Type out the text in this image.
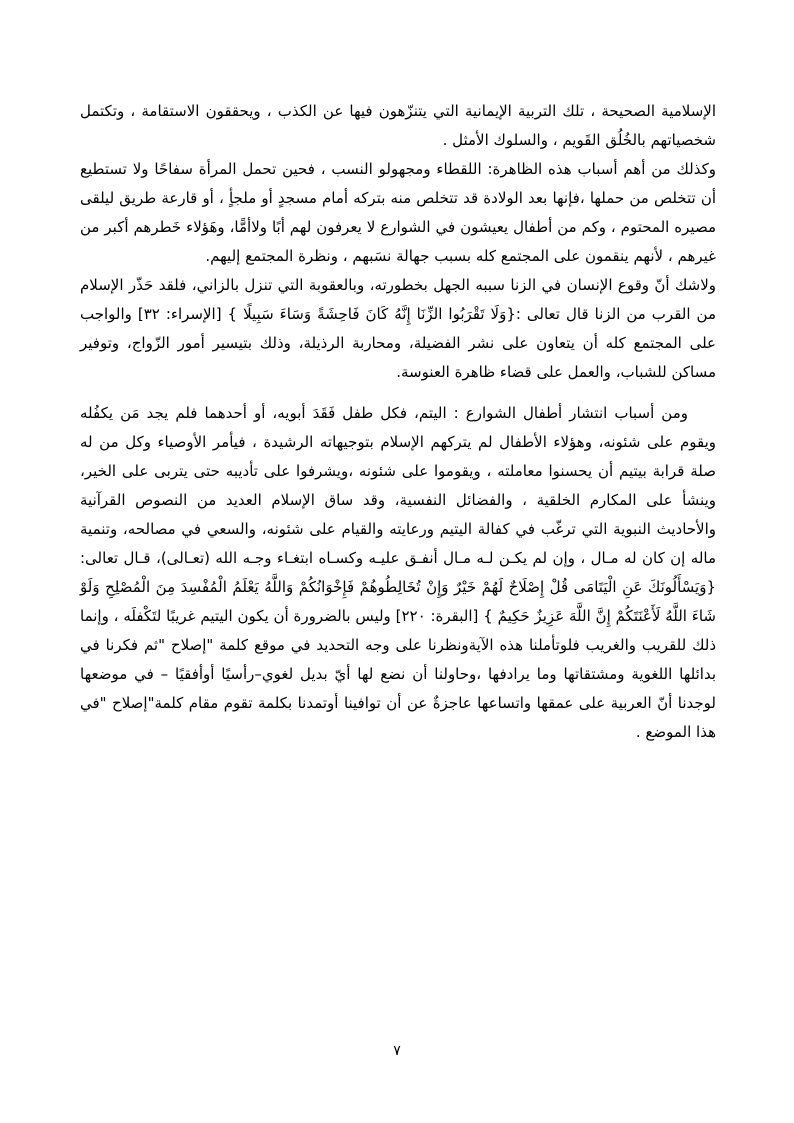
الإسلامية الصحيحة ، تلك التربية الإيمانية التي يتنزّهون فيها عن الكذب ، ويحققون الاستقامة ، وتكتمل شخصياتهم بالخُلُق القَويم ، والسلوك الأمثل .

وكذلك من أهم أسباب هذه الظاهرة: اللقطاء ومجهولو النسب ، فحين تحمل المرأة سفاحًا ولا تستطيع أن تتخلص من حملها ،فإنها بعد الولادة قد تتخلص منه بتركه أمام مسجدٍ أو ملجأٍ ، أو قارعة طريق ليلقى مصيره المحتوم ، وكم من أطفال يعيشون في الشوارع لا يعرفون لهم أبًا ولاأمًّا، وهَؤلاء خَطرهم أكبر من غيرهم ، لأنهم ينقمون على المجتمع كله بسبب جهالة نسَبهم ، ونظرة المجتمع إليهم.

ولاشك أنّ وقوع الإنسان في الزنا سببه الجهل بخطورته، وبالعقوبة التي تنزل بالزاني، فلقد حَذّر الإسلام من القرب من الزنا قال تعالى :{وَلَا تَقْرَبُوا الزِّنَا إِنَّهُ كَانَ فَاحِشَةً وَسَاءَ سَبِيلًا } [الإسراء: ٣٢] والواجب على المجتمع كله أن يتعاون على نشر الفضيلة، ومحاربة الرذيلة، وذلك بتيسير أمور الزّواج، وتوفير مساكن للشباب، والعمل على قضاء ظاهرة العنوسة.

ومن أسباب انتشار أطفال الشوارع : اليتم، فكل طفل فَقَدَ أبويه، أو أحدهما فلم يجد مَن يكفُله ويقوم على شئونه، وهؤلاء الأطفال لم يتركهم الإسلام بتوجيهاته الرشيدة ، فيأمر الأوصياء وكل من له صلة قرابة بيتيم أن يحسنوا معاملته ، ويقوموا على شئونه ،ويشرفوا على تأديبه حتى يتربى على الخير، وينشأ على المكارم الخلقية ، والفضائل النفسية، وقد ساق الإسلام العديد من النصوص القرآنية والأحاديث النبوية التي ترغّب في كفالة اليتيم ورعايته والقيام على شئونه، والسعي في مصالحه، وتنمية ماله إن كان له مـال ، وإن لم يكـن لـه مـال أنفـق عليـه وكسـاه ابتغـاء وجـه الله (تعـالى)، قـال تعالى:{وَيَسْأَلُونَكَ عَنِ الْيَتَامَى قُلْ إِصْلَاحٌ لَهُمْ خَيْرٌ وَإِنْ تُخَالِطُوهُمْ فَإِخْوَانُكُمْ وَاللَّهُ يَعْلَمُ الْمُفْسِدَ مِنَ الْمُصْلِحِ وَلَوْ شَاءَ اللَّهُ لَأَعْنَتَكُمْ إِنَّ اللَّهَ عَزِيزٌ حَكِيمٌ } [البقرة: ٢٢٠] وليس بالضرورة أن يكون اليتيم غريبًا لتَكْفلَه ، وإنما ذلك للقريب والغريب فلوتأملنا هذه الآيةونظرنا على وجه التحديد في موقع كلمة "إصلاح "ثم فكرنا في بدائلها اللغوية ومشتقاتها وما يرادفها ،وحاولنا أن نضع لها أيّ بديل لغوي–رأسيًا أوأفقيًا – في موضعها لوجدنا أنّ العربية على عمقها واتساعها عاجزةٌ عن أن توافينا أوتمدنا بكلمة تقوم مقام كلمة"إصلاح "في هذا الموضع .

٧
